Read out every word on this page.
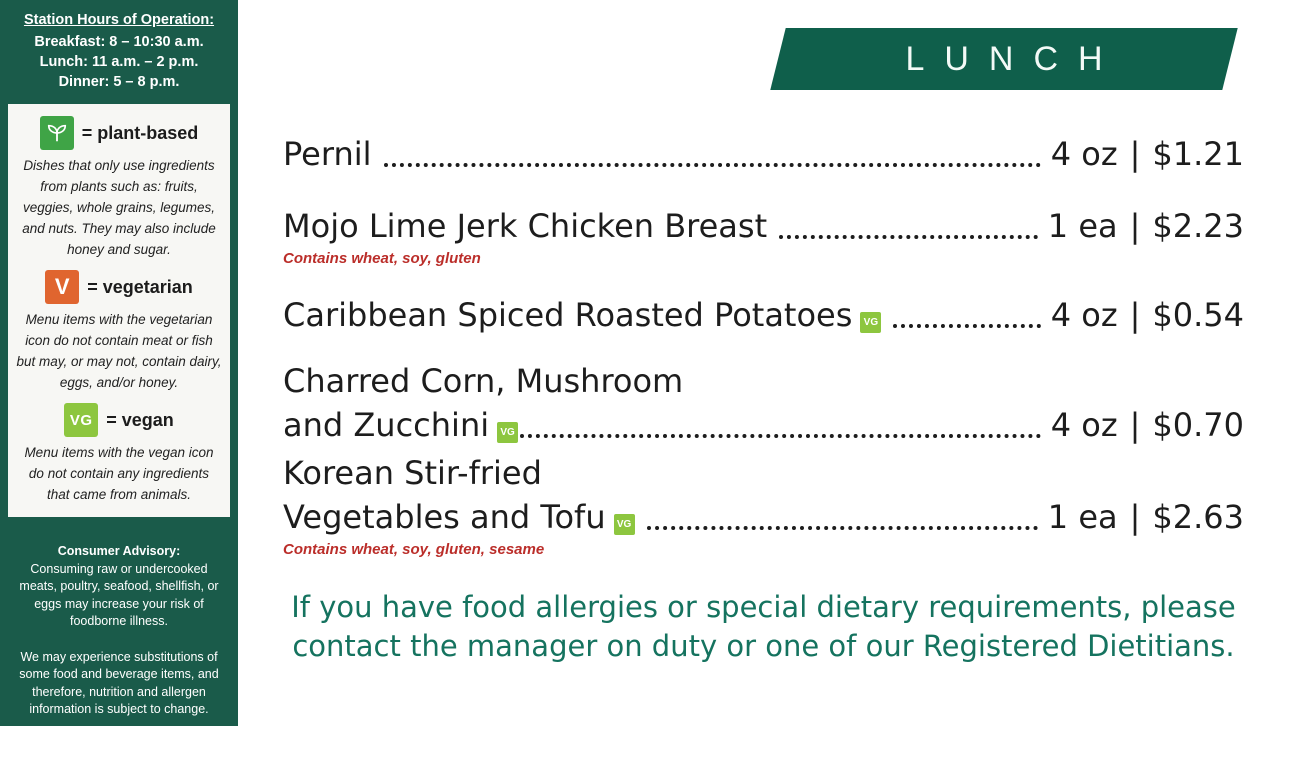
Station Hours of Operation:
Breakfast: 8 – 10:30 a.m.
Lunch: 11 a.m. – 2 p.m.
Dinner: 5 – 8 p.m.
= plant-based
Dishes that only use ingredients from plants such as: fruits, veggies, whole grains, legumes, and nuts. They may also include honey and sugar.
V = vegetarian
Menu items with the vegetarian icon do not contain meat or fish but may, or may not, contain dairy, eggs, and/or honey.
VG = vegan
Menu items with the vegan icon do not contain any ingredients that came from animals.
Consumer Advisory:
Consuming raw or undercooked meats, poultry, seafood, shellfish, or eggs may increase your risk of foodborne illness.
We may experience substitutions of some food and beverage items, and therefore, nutrition and allergen information is subject to change.
BINGHAMTON
UNIVERSITY
DINING SERVICES
f	♪
BINGCAMPUSFOOD
LUNCH
Pernil	4 oz | $1.21
Mojo Lime Jerk Chicken Breast	1 ea | $2.23
Contains wheat, soy, gluten
Caribbean Spiced Roasted Potatoes	VG	4 oz | $0.54
Charred Corn, Mushroom
and Zucchini	VG	4 oz | $0.70
Korean Stir-fried
Vegetables and Tofu	VG	1 ea | $2.63
Contains wheat, soy, gluten, sesame
If you have food allergies or special dietary requirements, please
contact the manager on duty or one of our Registered Dietitians.
